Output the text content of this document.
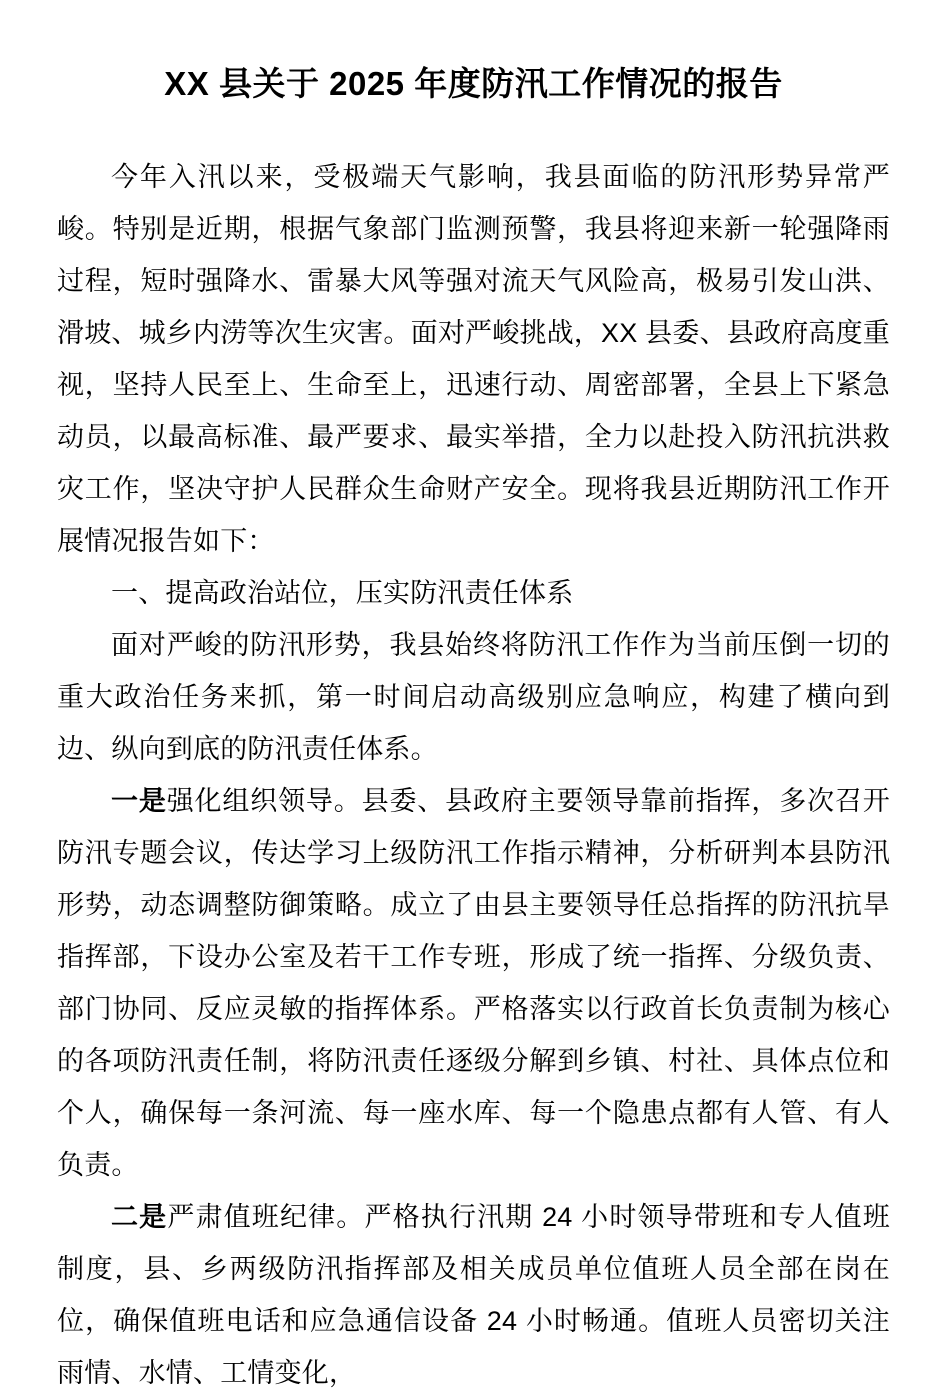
XX 县关于 2025 年度防汛工作情况的报告

今年入汛以来，受极端天气影响，我县面临的防汛形势异常严峻。特别是近期，根据气象部门监测预警，我县将迎来新一轮强降雨过程，短时强降水、雷暴大风等强对流天气风险高，极易引发山洪、滑坡、城乡内涝等次生灾害。面对严峻挑战，XX 县委、县政府高度重视，坚持人民至上、生命至上，迅速行动、周密部署，全县上下紧急动员，以最高标准、最严要求、最实举措，全力以赴投入防汛抗洪救灾工作，坚决守护人民群众生命财产安全。现将我县近期防汛工作开展情况报告如下：

一、提高政治站位，压实防汛责任体系

面对严峻的防汛形势，我县始终将防汛工作作为当前压倒一切的重大政治任务来抓，第一时间启动高级别应急响应，构建了横向到边、纵向到底的防汛责任体系。

一是强化组织领导。县委、县政府主要领导靠前指挥，多次召开防汛专题会议，传达学习上级防汛工作指示精神，分析研判本县防汛形势，动态调整防御策略。成立了由县主要领导任总指挥的防汛抗旱指挥部，下设办公室及若干工作专班，形成了统一指挥、分级负责、部门协同、反应灵敏的指挥体系。严格落实以行政首长负责制为核心的各项防汛责任制，将防汛责任逐级分解到乡镇、村社、具体点位和个人，确保每一条河流、每一座水库、每一个隐患点都有人管、有人负责。

二是严肃值班纪律。严格执行汛期 24 小时领导带班和专人值班制度，县、乡两级防汛指挥部及相关成员单位值班人员全部在岗在位，确保值班电话和应急通信设备 24 小时畅通。值班人员密切关注雨情、水情、工情变化，
